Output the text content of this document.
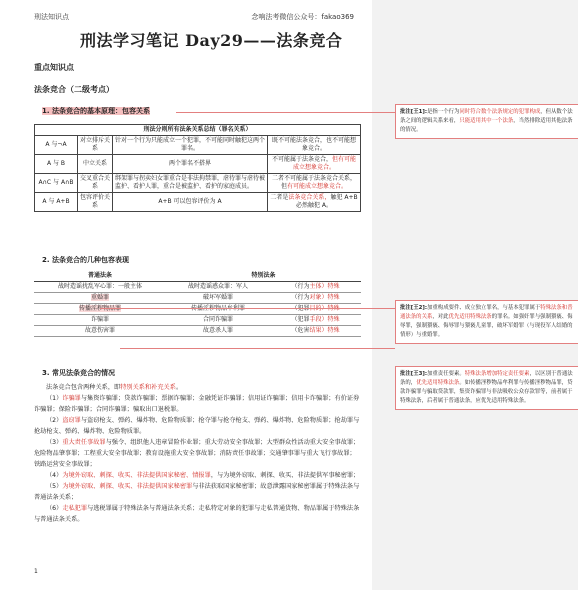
刑法知识点	念响法考微信公众号：fakao369
刑法学习笔记 Day29——法条竞合
重点知识点
法条竞合（二级考点）
1. 法条竞合的基本原理：包容关系
刑法分则所有法条关系总结（罪名关系）			
A 与¬A	对立排斥关系	针对一个行为只能成立一个犯罪，不可能同时触犯这两个罪名。	既不可能法条竞合，也不可能想象竞合。
A 与 B	中立关系	两个罪名不搭界	不可能属于法条竞合，但有可能成立想象竞合。
A∩C 与 A∩B	交叉重合关系	绑架罪与拐卖妇女罪重合是非法拘禁罪，虐待罪与虐待被监护、看护人罪，重合是被监护、看护的家庭成员。	二者不可能属于法条竞合关系，但有可能成立想象竞合。
A 与 A+B	包容评价关系	A+B 可以包容评价为 A	二者是法条竞合关系，触犯 A+B 必然触犯 A。
2. 法条竞合的几种包容表现
普通法条	特别法条	
战时造谣扰乱军心罪：一般主体	战时造谣惑众罪：军人	（行为主体）特殊
重婚罪	破坏军婚罪	（行为对象）特殊
传播淫秽物品罪	传播淫秽物品牟利罪	（犯罪目的）特殊
诈骗罪	合同诈骗罪	（犯罪手段）特殊
故意伤害罪	故意杀人罪	（危害结果）特殊
3. 常见法条竞合的情况

法条竞合包含两种关系，即特别关系和补充关系。

（1）诈骗罪与集资诈骗罪；贷款诈骗罪；票据诈骗罪；金融凭证诈骗罪；信用证诈骗罪；信用卡诈骗罪；有价证券诈骗罪；保险诈骗罪；合同诈骗罪；骗取出口退税罪。

（2）盗窃罪与盗窃枪支、弹药、爆炸物、危险物质罪；抢夺罪与抢夺枪支、弹药、爆炸物、危险物质罪；抢劫罪与抢劫枪支、弹药、爆炸物、危险物质罪。

（3）重大责任事故罪与强令、组织他人违章冒险作业罪；重大劳动安全事故罪；大型群众性活动重大安全事故罪；危险物品肇事罪；工程重大安全事故罪；教育设施重大安全事故罪；消防责任事故罪；交通肇事罪与重大飞行事故罪；铁路运营安全事故罪；

（4）为境外窃取、刺探、收买、非法提供国家秘密、情报罪，与为境外窃取、刺探、收买、非法提供军事秘密罪；

（5）为境外窃取、刺探、收买、非法提供国家秘密罪与非法获取国家秘密罪；故意泄露国家秘密罪属于特殊法条与普通法条关系；

（6）走私犯罪与逃税罪属于特殊法条与普通法条关系；走私特定对象的犯罪与走私普通货物、物品罪属于特殊法条与普通法条关系。

1
批注[王1]:是指一个行为同时符合数个法条规定的犯罪构成，但从数个法条之间的逻辑关系来看，只能适用其中一个法条，当然排除适用其他法条的情况。
批注[王2]:加重构成要件、成立独立罪名，与基本犯罪属于特殊法条和普通法条的关系，对此优先适用特殊法条的罪名。如强奸罪与强制猥亵、侮辱罪，强制猥亵、侮辱罪与猥亵儿童罪，破坏军婚罪（与现役军人结婚的情形）与重婚罪。
批注[王3]:加重责任要素。特殊法条增加特定责任要素，以区别于普通法条的，优先适用特殊法条。如传播淫秽物品牟利罪与传播淫秽物品罪，贷款诈骗罪与骗取贷款罪，集资诈骗罪与非法吸收公众存款罪等，前者属于特殊法条，后者属于普通法条，应优先适用特殊法条。
